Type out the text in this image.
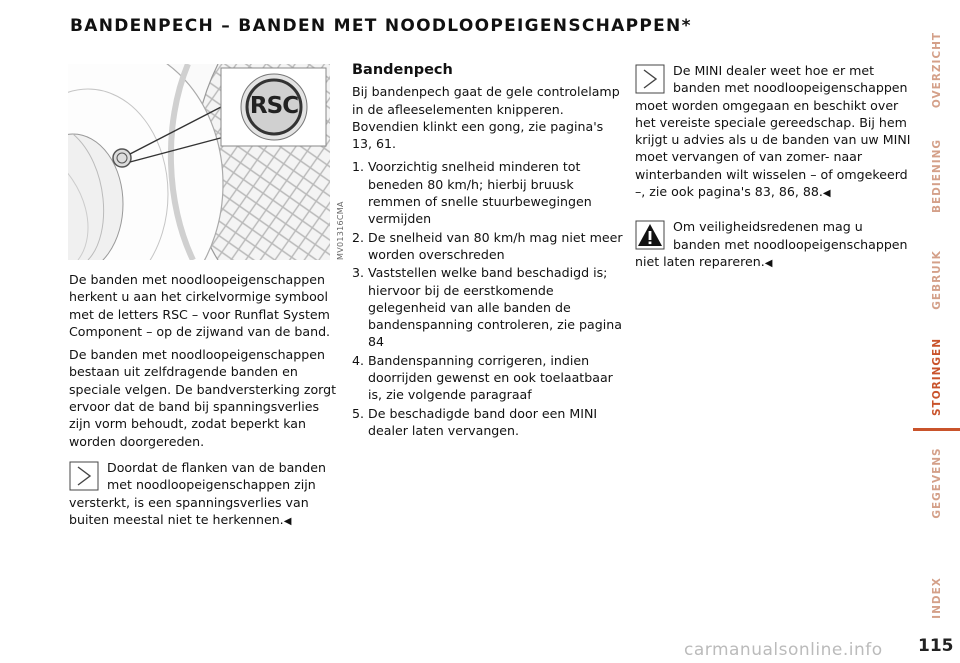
BANDENPECH – BANDEN MET NOODLOOPEIGENSCHAPPEN*
RSC
MV01316CMA

De banden met noodloopeigenschappen herkent u aan het cirkelvormige symbool met de letters RSC – voor Runflat System Component – op de zijwand van de band.

De banden met noodloopeigenschappen bestaan uit zelfdragende banden en speciale velgen. De bandversterking zorgt ervoor dat de band bij spanningsverlies zijn vorm behoudt, zodat beperkt kan worden doorgereden.

Doordat de flanken van de banden met noodloopeigenschappen zijn versterkt, is een spanningsverlies van buiten meestal niet te herkennen.◀
Bandenpech

Bij bandenpech gaat de gele controlelamp in de afleeselementen knipperen. Bovendien klinkt een gong, zie pagina's 13, 61.

1. Voorzichtig snelheid minderen tot beneden 80 km/h; hierbij bruusk remmen of snelle stuurbewegingen vermijden
2. De snelheid van 80 km/h mag niet meer worden overschreden
3. Vaststellen welke band beschadigd is; hiervoor bij de eerstkomende gelegenheid van alle banden de bandenspanning controleren, zie pagina 84
4. Bandenspanning corrigeren, indien doorrijden gewenst en ook toelaatbaar is, zie volgende paragraaf
5. De beschadigde band door een MINI dealer laten vervangen.
De MINI dealer weet hoe er met banden met noodloopeigenschappen moet worden omgegaan en beschikt over het vereiste speciale gereedschap. Bij hem krijgt u advies als u de banden van uw MINI moet vervangen of van zomer- naar winterbanden wilt wisselen – of omgekeerd –, zie ook pagina's 83, 86, 88.◀
Om veiligheidsredenen mag u banden met noodloopeigenschappen niet laten repareren.◀
OVERZICHT
BEDIENING
GEBRUIK
STORINGEN
GEGEVENS
INDEX
carmanualsonline.info 115
